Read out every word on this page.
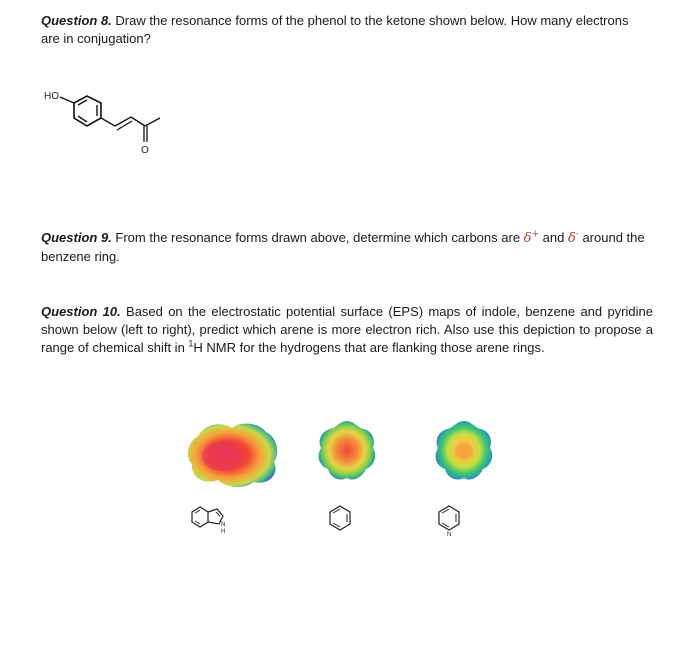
Question 8. Draw the resonance forms of the phenol to the ketone shown below. How many electrons are in conjugation?
HO
O
Question 9. From the resonance forms drawn above, determine which carbons are δ+ and δ- around the benzene ring.
Question 10. Based on the electrostatic potential surface (EPS) maps of indole, benzene and pyridine shown below (left to right), predict which arene is more electron rich. Also use this depiction to propose a range of chemical shift in $^1$H NMR for the hydrogens that are flanking those arene rings.
N
H	N
